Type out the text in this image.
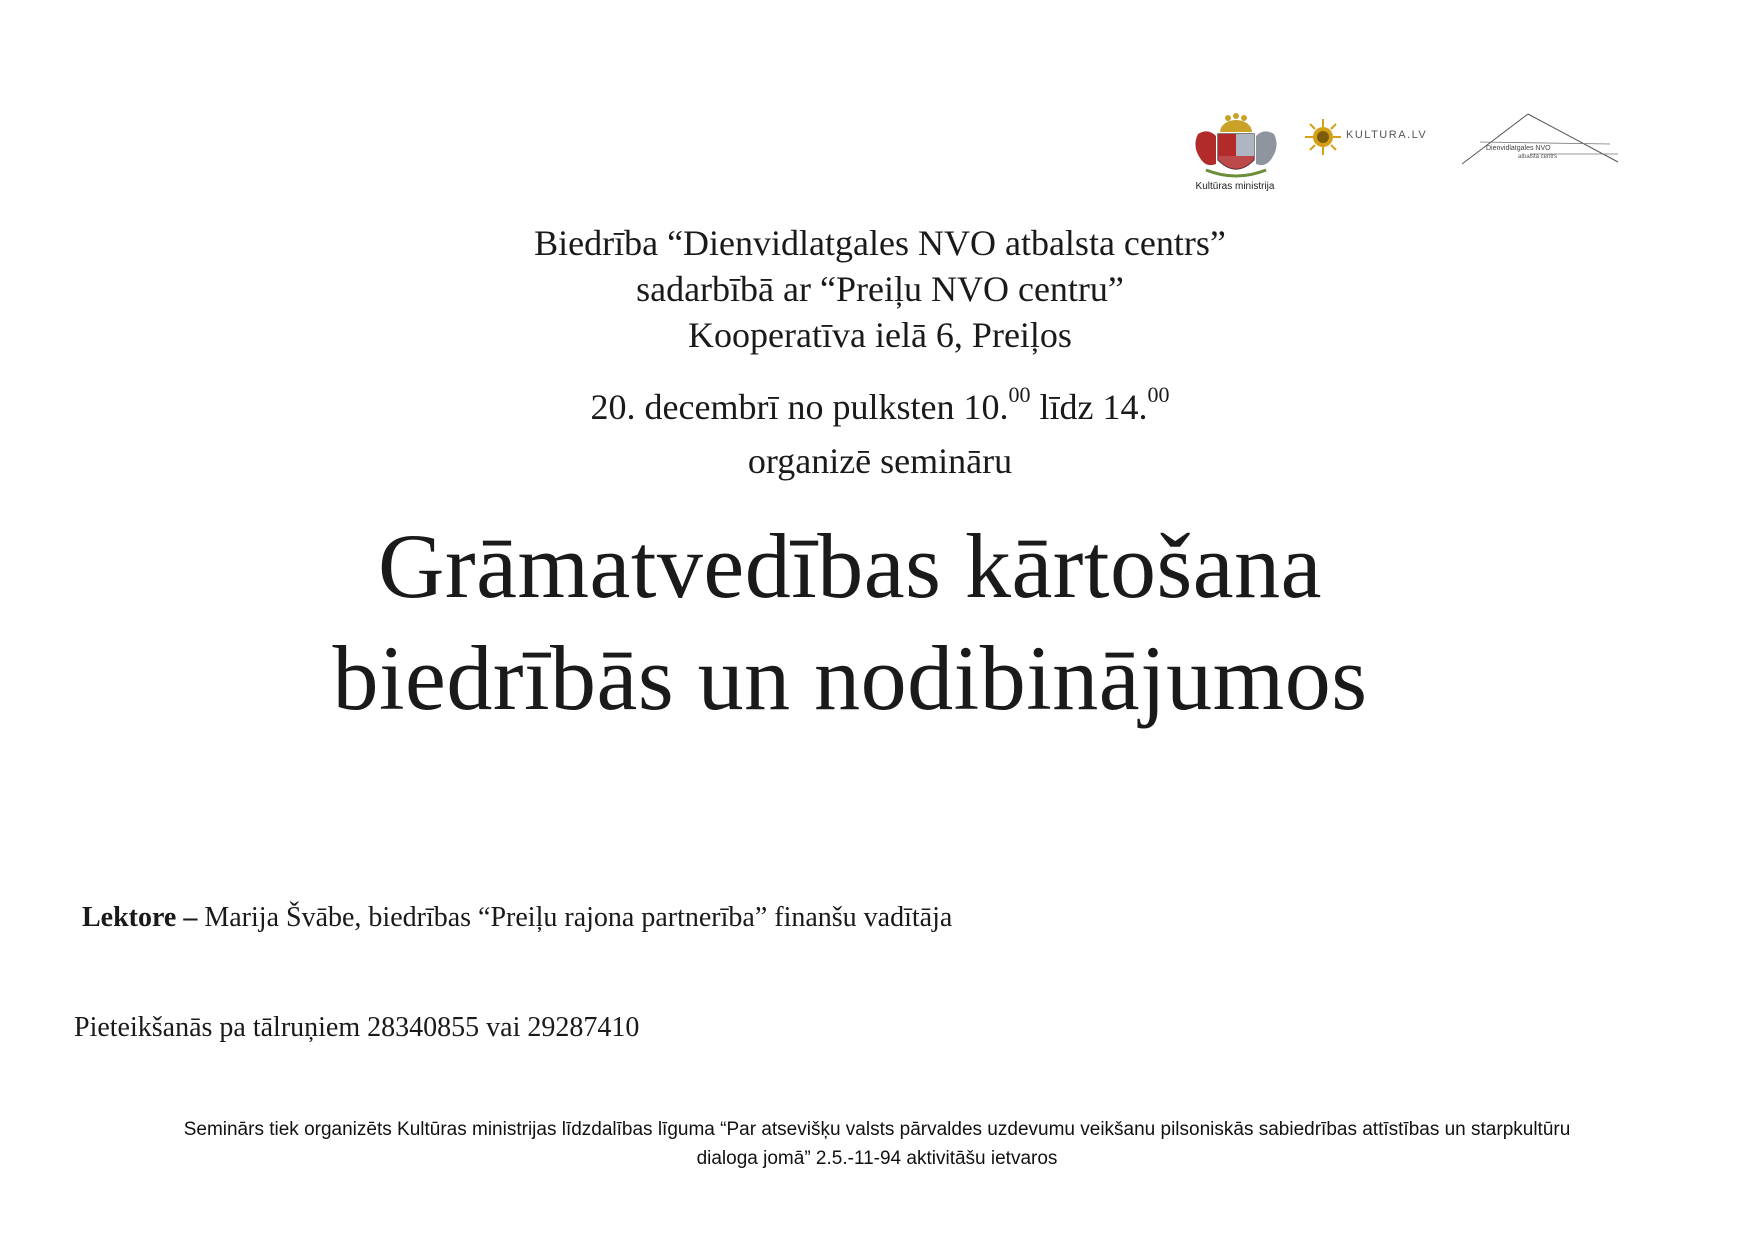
Kultūras ministrija
KULTURA.LV
Dienvidlatgales NVO
atbalsta centrs
Biedrība “Dienvidlatgales NVO atbalsta centrs”
sadarbībā ar “Preiļu NVO centru”
Kooperatīva ielā 6, Preiļos
20. decembrī no pulksten 10.00 līdz 14.00
organizē semināru
Grāmatvedības kārtošana
biedrībās un nodibinājumos
Lektore – Marija Švābe, biedrības “Preiļu rajona partnerība” finanšu vadītāja
Pieteikšanās pa tālruņiem 28340855 vai 29287410
Seminārs tiek organizēts Kultūras ministrijas līdzdalības līguma “Par atsevišķu valsts pārvaldes uzdevumu veikšanu pilsoniskās sabiedrības attīstības un starpkultūru
dialoga jomā” 2.5.-11-94 aktivitāšu ietvaros
